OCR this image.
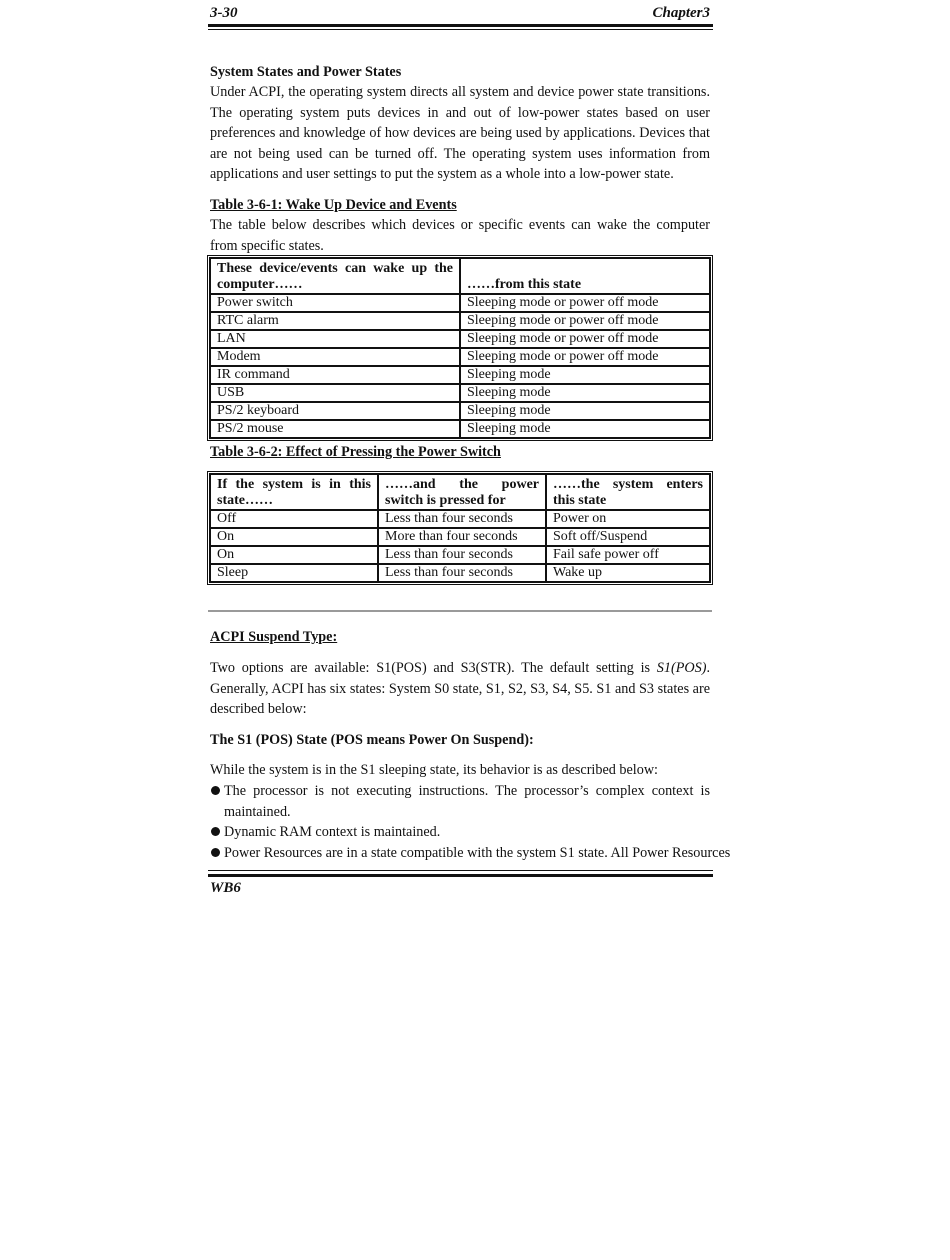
3-30	Chapter3

System States and Power States

Under ACPI, the operating system directs all system and device power state transitions. The operating system puts devices in and out of low-power states based on user preferences and knowledge of how devices are being used by applications. Devices that are not being used can be turned off. The operating system uses information from applications and user settings to put the system as a whole into a low-power state.

Table 3-6-1: Wake Up Device and Events

The table below describes which devices or specific events can wake the computer from specific states.

These device/events can wake up the computer……	……from this state
Power switch	Sleeping mode or power off mode
RTC alarm	Sleeping mode or power off mode
LAN	Sleeping mode or power off mode
Modem	Sleeping mode or power off mode
IR command	Sleeping mode
USB	Sleeping mode
PS/2 keyboard	Sleeping mode
PS/2 mouse	Sleeping mode

Table 3-6-2: Effect of Pressing the Power Switch

If the system is in this state……	……and the power switch is pressed for	……the system enters this state
Off	Less than four seconds	Power on
On	More than four seconds	Soft off/Suspend
On	Less than four seconds	Fail safe power off
Sleep	Less than four seconds	Wake up

ACPI Suspend Type:

Two options are available: S1(POS) and S3(STR). The default setting is S1(POS). Generally, ACPI has six states: System S0 state, S1, S2, S3, S4, S5. S1 and S3 states are described below:

The S1 (POS) State (POS means Power On Suspend):

While the system is in the S1 sleeping state, its behavior is as described below:

The processor is not executing instructions. The processor’s complex context is maintained.
Dynamic RAM context is maintained.
Power Resources are in a state compatible with the system S1 state. All Power Resources
WB6
